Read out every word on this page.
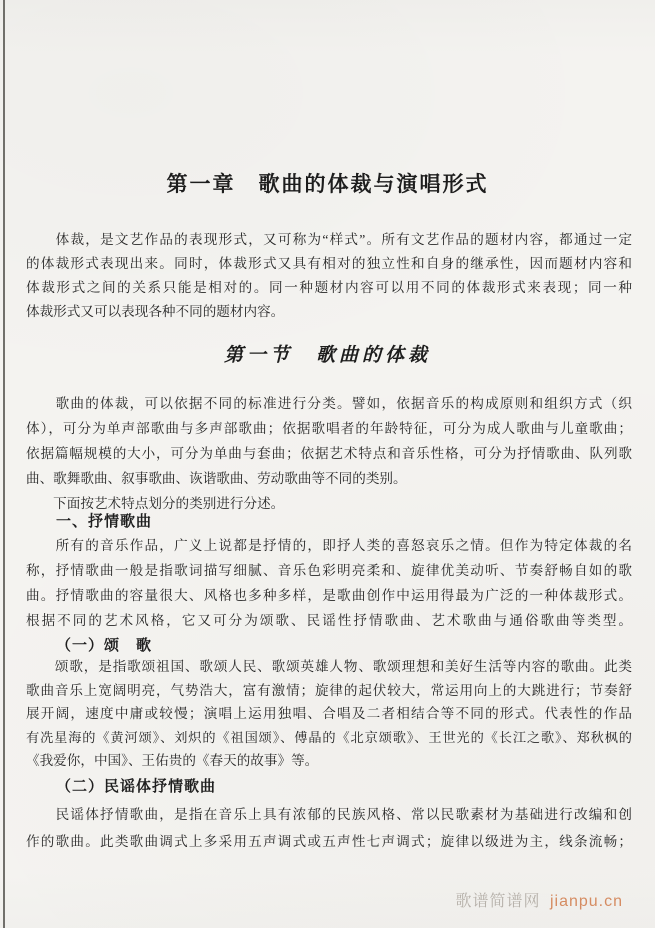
第一章　歌曲的体裁与演唱形式
　　体裁，是文艺作品的表现形式，又可称为“样式”。所有文艺作品的题材内容，都通过一定
的体裁形式表现出来。同时，体裁形式又具有相对的独立性和自身的继承性，因而题材内容和
体裁形式之间的关系只能是相对的。同一种题材内容可以用不同的体裁形式来表现；同一种
体裁形式又可以表现各种不同的题材内容。
第一节　歌曲的体裁
　　歌曲的体裁，可以依据不同的标准进行分类。譬如，依据音乐的构成原则和组织方式（织
体），可分为单声部歌曲与多声部歌曲；依据歌唱者的年龄特征，可分为成人歌曲与儿童歌曲；
依据篇幅规模的大小，可分为单曲与套曲；依据艺术特点和音乐性格，可分为抒情歌曲、队列歌
曲、歌舞歌曲、叙事歌曲、诙谐歌曲、劳动歌曲等不同的类别。
　　下面按艺术特点划分的类别进行分述。
一、抒情歌曲
　　所有的音乐作品，广义上说都是抒情的，即抒人类的喜怒哀乐之情。但作为特定体裁的名
称，抒情歌曲一般是指歌词描写细腻、音乐色彩明亮柔和、旋律优美动听、节奏舒畅自如的歌
曲。抒情歌曲的容量很大、风格也多种多样，是歌曲创作中运用得最为广泛的一种体裁形式。
根据不同的艺术风格，它又可分为颂歌、民谣性抒情歌曲、艺术歌曲与通俗歌曲等类型。
（一）颂　歌
　　颂歌，是指歌颂祖国、歌颂人民、歌颂英雄人物、歌颂理想和美好生活等内容的歌曲。此类
歌曲音乐上宽阔明亮，气势浩大，富有激情；旋律的起伏较大，常运用向上的大跳进行；节奏舒
展开阔，速度中庸或较慢；演唱上运用独唱、合唱及二者相结合等不同的形式。代表性的作品
有冼星海的《黄河颂》、刘炽的《祖国颂》、傅晶的《北京颂歌》、王世光的《长江之歌》、郑秋枫的
《我爱你，中国》、王佑贵的《春天的故事》等。
（二）民谣体抒情歌曲
　　民谣体抒情歌曲，是指在音乐上具有浓郁的民族风格、常以民歌素材为基础进行改编和创
作的歌曲。此类歌曲调式上多采用五声调式或五声性七声调式；旋律以级进为主，线条流畅；
歌谱简谱网 jianpu.cn
